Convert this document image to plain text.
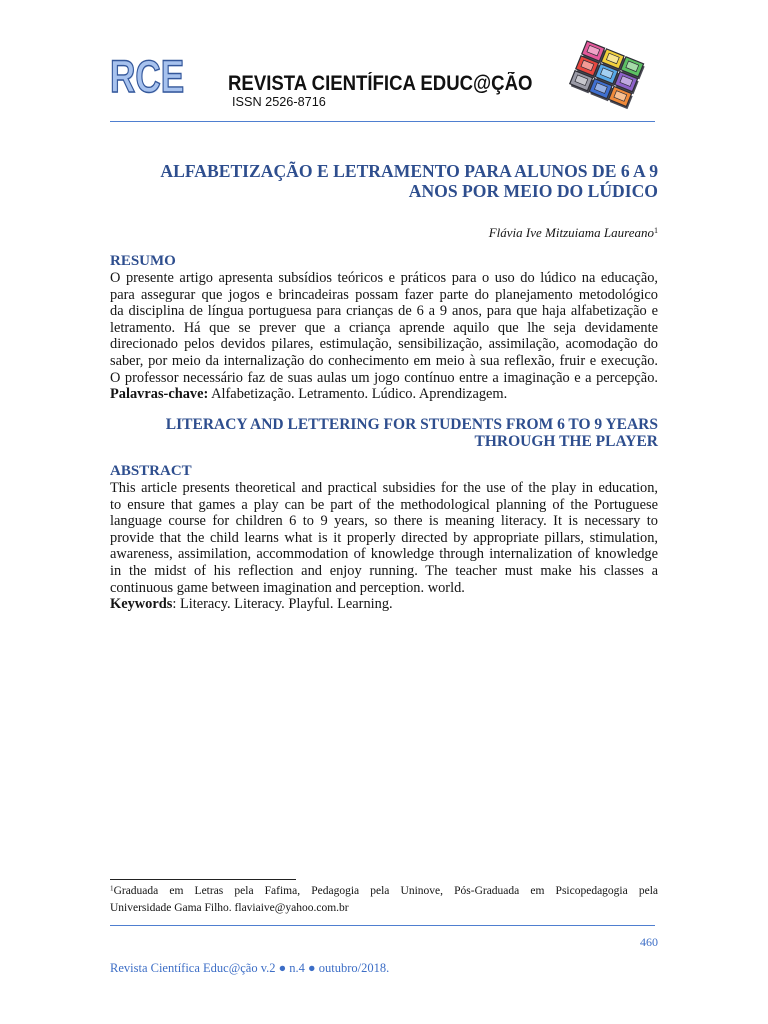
RCE REVISTA CIENTÍFICA EDUC@ÇÃO
ISSN 2526-8716
ALFABETIZAÇÃO E LETRAMENTO PARA ALUNOS DE 6 A 9
ANOS POR MEIO DO LÚDICO
Flávia Ive Mitzuiama Laureano$^1$
RESUMO
O presente artigo apresenta subsídios teóricos e práticos para o uso do lúdico na educação,
para assegurar que jogos e brincadeiras possam fazer parte do planejamento metodológico
da disciplina de língua portuguesa para crianças de 6 a 9 anos, para que haja alfabetização e
letramento. Há que se prever que a criança aprende aquilo que lhe seja devidamente
direcionado pelos devidos pilares, estimulação, sensibilização, assimilação, acomodação do
saber, por meio da internalização do conhecimento em meio à sua reflexão, fruir e execução.
O professor necessário faz de suas aulas um jogo contínuo entre a imaginação e a percepção.
Palavras-chave: Alfabetização. Letramento. Lúdico. Aprendizagem.
LITERACY AND LETTERING FOR STUDENTS FROM 6 TO 9 YEARS
THROUGH THE PLAYER
ABSTRACT
This article presents theoretical and practical subsidies for the use of the play in education,
to ensure that games a play can be part of the methodological planning of the Portuguese
language course for children 6 to 9 years, so there is meaning literacy. It is necessary to
provide that the child learns what is it properly directed by appropriate pillars, stimulation,
awareness, assimilation, accommodation of knowledge through internalization of knowledge
in the midst of his reflection and enjoy running. The teacher must make his classes a
continuous game between imagination and perception. world.
Keywords: Literacy. Literacy. Playful. Learning.
$^1$Graduada em Letras pela Fafima, Pedagogia pela Uninove, Pós-Graduada em Psicopedagogia pela
Universidade Gama Filho. flaviaive@yahoo.com.br
460
Revista Científica Educ@ção v.2 ● n.4 ● outubro/2018.
